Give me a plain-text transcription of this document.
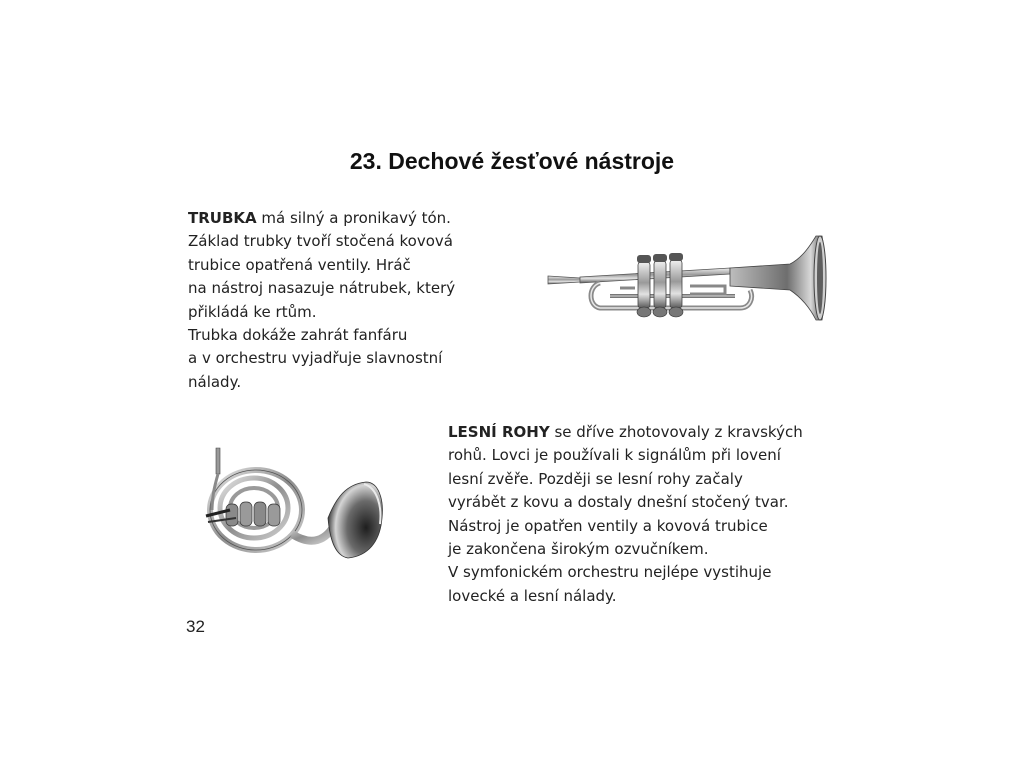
23. Dechové žesťové nástroje
TRUBKA má silný a pronikavý tón.
Základ trubky tvoří stočená kovová
trubice opatřená ventily. Hráč
na nástroj nasazuje nátrubek, který
přikládá ke rtům.
Trubka dokáže zahrát fanfáru
a v orchestru vyjadřuje slavnostní
nálady.
LESNÍ ROHY se dříve zhotovovaly z kravských
rohů. Lovci je používali k signálům při lovení
lesní zvěře. Později se lesní rohy začaly
vyrábět z kovu a dostaly dnešní stočený tvar.
Nástroj je opatřen ventily a kovová trubice
je zakončena širokým ozvučníkem.
V symfonickém orchestru nejlépe vystihuje
lovecké a lesní nálady.
32
